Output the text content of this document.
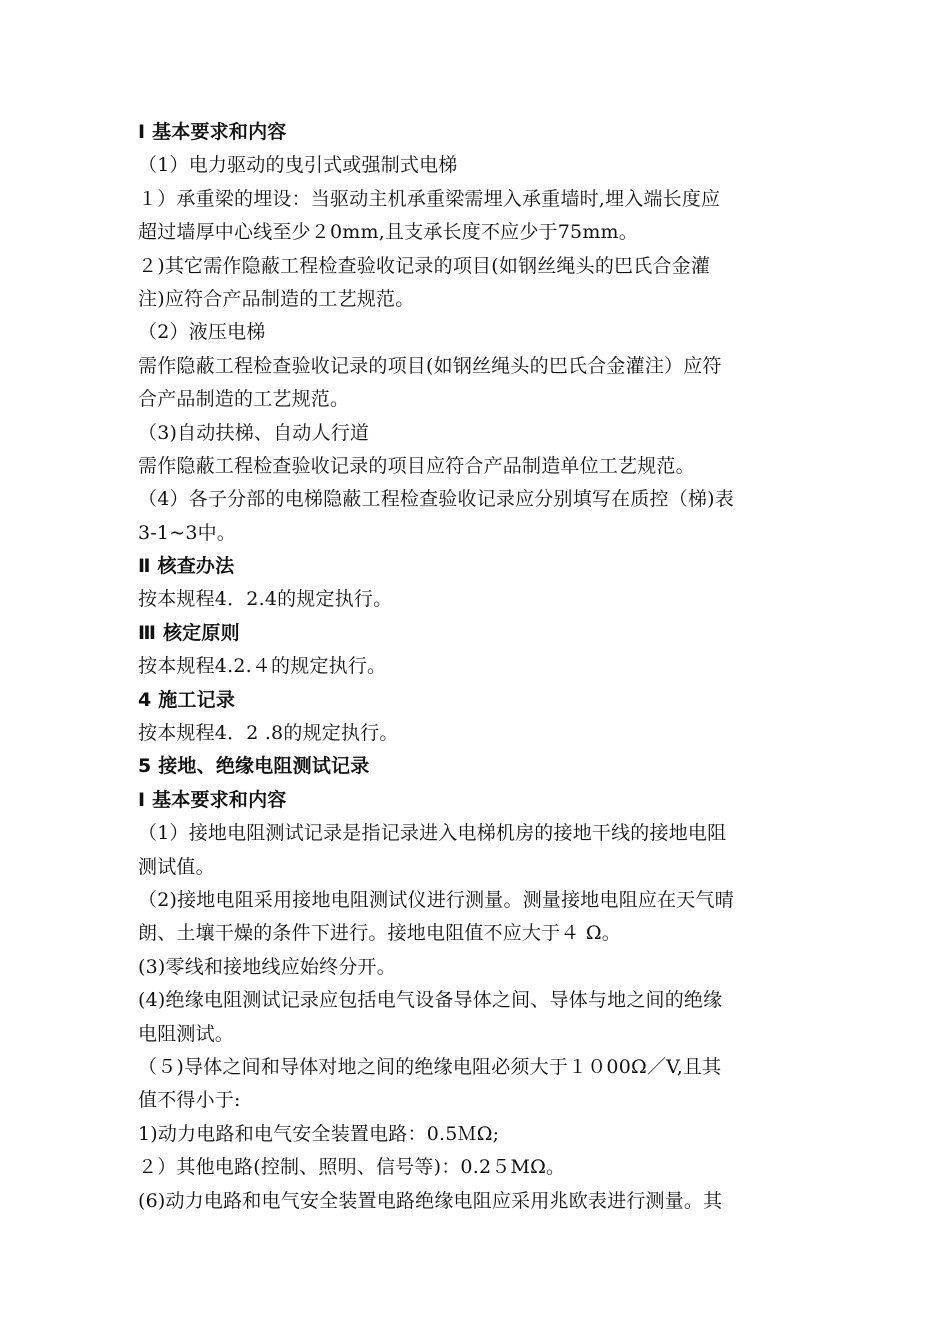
Ⅰ 基本要求和内容
（1）电力驱动的曳引式或强制式电梯
１）承重梁的埋设：当驱动主机承重梁需埋入承重墙时,埋入端长度应
超过墙厚中心线至少２0mm,且支承长度不应少于75mm。
２)其它需作隐蔽工程检查验收记录的项目(如钢丝绳头的巴氏合金灌
注)应符合产品制造的工艺规范。
（2）液压电梯
需作隐蔽工程检查验收记录的项目(如钢丝绳头的巴氏合金灌注）应符
合产品制造的工艺规范。
（3)自动扶梯、自动人行道
需作隐蔽工程检查验收记录的项目应符合产品制造单位工艺规范。
（4）各子分部的电梯隐蔽工程检查验收记录应分别填写在质控（梯)表
3-1~3中。
Ⅱ 核查办法
按本规程4．2.4的规定执行。
Ⅲ 核定原则
按本规程4.2.４的规定执行。
4 施工记录
按本规程4．2 .8的规定执行。
5 接地、绝缘电阻测试记录
Ⅰ 基本要求和内容
（1）接地电阻测试记录是指记录进入电梯机房的接地干线的接地电阻
测试值。
（2)接地电阻采用接地电阻测试仪进行测量。测量接地电阻应在天气晴
朗、土壤干燥的条件下进行。接地电阻值不应大于４ Ω。
(3)零线和接地线应始终分开。
(4)绝缘电阻测试记录应包括电气设备导体之间、导体与地之间的绝缘
电阻测试。
（５)导体之间和导体对地之间的绝缘电阻必须大于１０00Ω／V,且其
值不得小于:
1)动力电路和电气安全装置电路：0.5ＭΩ;
２）其他电路(控制、照明、信号等)：0.2５MΩ。
(6)动力电路和电气安全装置电路绝缘电阻应采用兆欧表进行测量。其
